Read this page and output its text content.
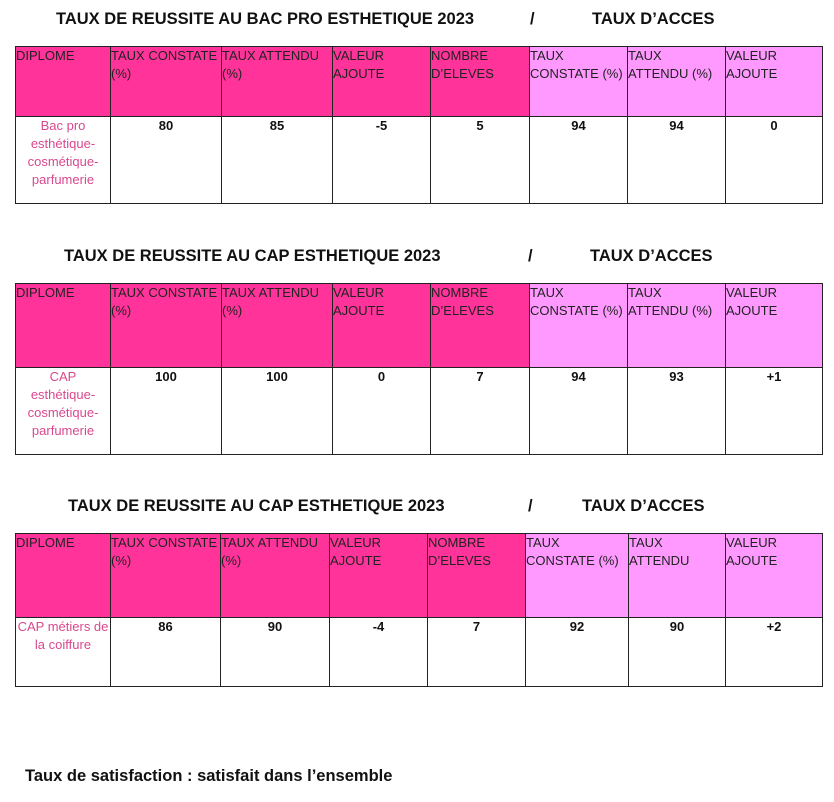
TAUX DE REUSSITE AU BAC PRO ESTHETIQUE 2023	/	TAUX D’ACCES
DIPLOME	TAUX CONSTATE (%)	TAUX ATTENDU (%)	VALEUR AJOUTE	NOMBRE D’ELEVES	TAUX CONSTATE (%)	TAUX ATTENDU (%)	VALEUR AJOUTE
Bac pro esthétique-cosmétique-parfumerie	80	85	-5	5	94	94	0
TAUX DE REUSSITE AU CAP ESTHETIQUE 2023	/	TAUX D’ACCES
DIPLOME	TAUX CONSTATE (%)	TAUX ATTENDU (%)	VALEUR AJOUTE	NOMBRE D’ELEVES	TAUX CONSTATE (%)	TAUX ATTENDU (%)	VALEUR AJOUTE
CAP esthétique-cosmétique-parfumerie	100	100	0	7	94	93	+1
TAUX DE REUSSITE AU CAP ESTHETIQUE 2023	/	TAUX D’ACCES
DIPLOME	TAUX CONSTATE (%)	TAUX ATTENDU (%)	VALEUR AJOUTE	NOMBRE D’ELEVES	TAUX CONSTATE (%)	TAUX ATTENDU	VALEUR AJOUTE
CAP métiers de la coiffure	86	90	-4	7	92	90	+2
Taux de satisfaction : satisfait dans l’ensemble
